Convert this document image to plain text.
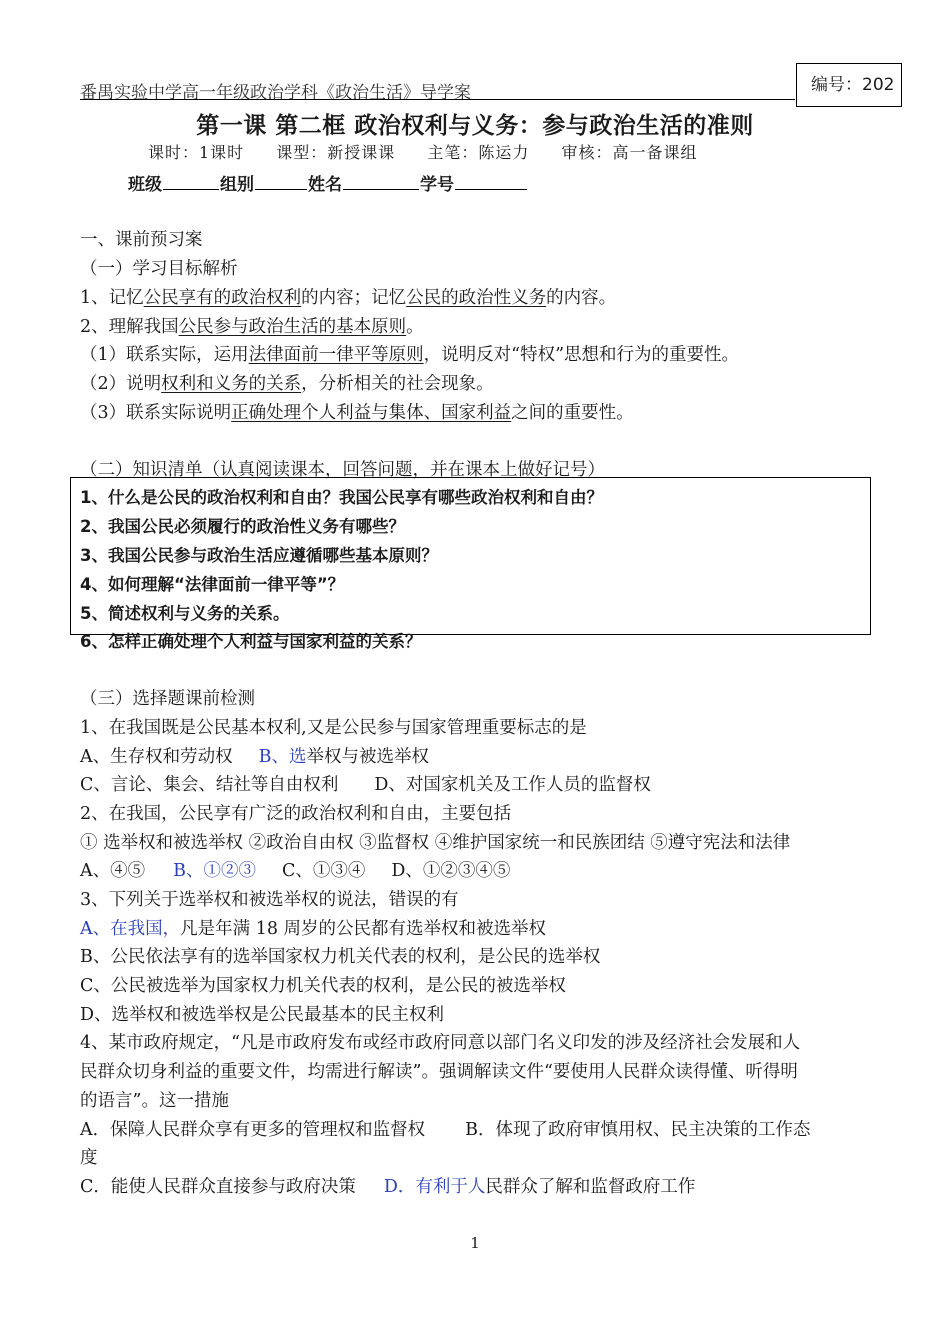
番禺实验中学高一年级政治学科《政治生活》导学案	编号：202
第一课 第二框 政治权利与义务：参与政治生活的准则
课时：1课时 课型：新授课课 主笔：陈运力 审核：高一备课组
班级	组别	姓名	学号
一、课前预习案
（一）学习目标解析
1、记忆公民享有的政治权利的内容；记忆公民的政治性义务的内容。
2、理解我国公民参与政治生活的基本原则。
（1）联系实际，运用法律面前一律平等原则，说明反对“特权”思想和行为的重要性。
（2）说明权利和义务的关系，分析相关的社会现象。
（3）联系实际说明正确处理个人利益与集体、国家利益之间的重要性。
（二）知识清单（认真阅读课本，回答问题，并在课本上做好记号）
1、什么是公民的政治权利和自由？我国公民享有哪些政治权利和自由？
2、我国公民必须履行的政治性义务有哪些？
3、我国公民参与政治生活应遵循哪些基本原则？
4、如何理解“法律面前一律平等”？
5、简述权利与义务的关系。
6、怎样正确处理个人利益与国家利益的关系？
（三）选择题课前检测
1、在我国既是公民基本权利,又是公民参与国家管理重要标志的是
A、生存权和劳动权 B、选举权与被选举权
C、言论、集会、结社等自由权利 D、对国家机关及工作人员的监督权
2、在我国，公民享有广泛的政治权利和自由，主要包括
① 选举权和被选举权 ②政治自由权 ③监督权 ④维护国家统一和民族团结 ⑤遵守宪法和法律
A、④⑤ B、①②③ C、①③④ D、①②③④⑤
3、下列关于选举权和被选举权的说法，错误的有
A、在我国，凡是年满 18 周岁的公民都有选举权和被选举权
B、公民依法享有的选举国家权力机关代表的权利，是公民的选举权
C、公民被选举为国家权力机关代表的权利，是公民的被选举权
D、选举权和被选举权是公民最基本的民主权利
4、某市政府规定，“凡是市政府发布或经市政府同意以部门名义印发的涉及经济社会发展和人
民群众切身利益的重要文件，均需进行解读”。强调解读文件“要使用人民群众读得懂、听得明
的语言”。这一措施
A．保障人民群众享有更多的管理权和监督权 B．体现了政府审慎用权、民主决策的工作态
度
C．能使人民群众直接参与政府决策 D．有利于人民群众了解和监督政府工作
1
